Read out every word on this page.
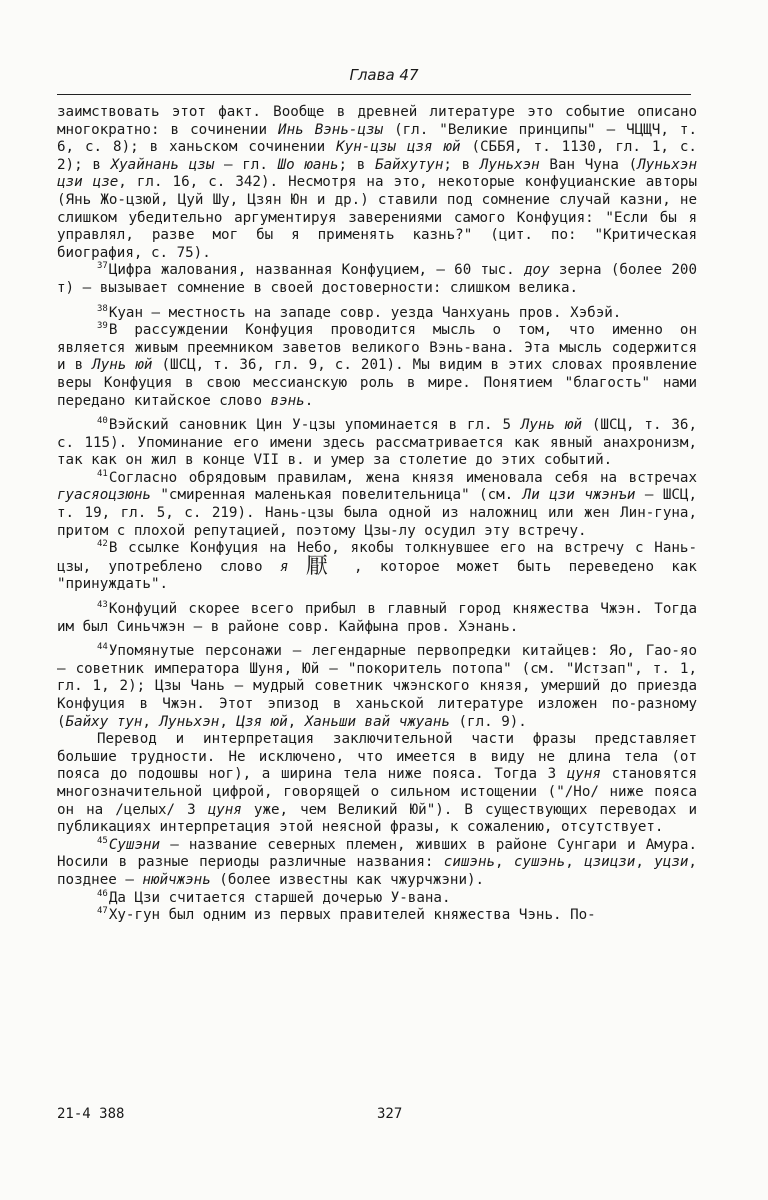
Глава 47

заимствовать этот факт. Вообще в древней литературе это событие описано многократно: в сочинении Инь Вэнь-цзы (гл. "Великие принципы" — ЧЦЩЧ, т. 6, с. 8); в ханьском сочинении Кун-цзы цзя юй (СББЯ, т. 1130, гл. 1, с. 2); в Хуайнань цзы — гл. Шо юань; в Байхутун; в Луньхэн Ван Чуна (Луньхэн цзи цзе, гл. 16, с. 342). Несмотря на это, некоторые конфуцианские авторы (Янь Жо-цзюй, Цуй Шу, Цзян Юн и др.) ставили под сомнение случай казни, не слишком убедительно аргументируя заверениями самого Конфуция: "Если бы я управлял, разве мог бы я применять казнь?" (цит. по: "Критическая биография, с. 75).

$^{37}$Цифра жалования, названная Конфуцием, — 60 тыс. доу зерна (более 200 т) — вызывает сомнение в своей достоверности: слишком велика.

$^{38}$Куан — местность на западе совр. уезда Чанхуань пров. Хэбэй.

$^{39}$В рассуждении Конфуция проводится мысль о том, что именно он является живым преемником заветов великого Вэнь-вана. Эта мысль содержится и в Лунь юй (ШСЦ, т. 36, гл. 9, с. 201). Мы видим в этих словах проявление веры Конфуция в свою мессианскую роль в мире. Понятием "благость" нами передано китайское слово вэнь.

$^{40}$Вэйский сановник Цин У-цзы упоминается в гл. 5 Лунь юй (ШСЦ, т. 36, с. 115). Упоминание его имени здесь рассматривается как явный анахронизм, так как он жил в конце VII в. и умер за столетие до этих событий.

$^{41}$Согласно обрядовым правилам, жена князя именовала себя на встречах гуасяоцзюнь "смиренная маленькая повелительница" (см. Ли цзи чжэнъи — ШСЦ, т. 19, гл. 5, с. 219). Нань-цзы была одной из наложниц или жен Лин-гуна, притом с плохой репутацией, поэтому Цзы-лу осудил эту встречу.

$^{42}$В ссылке Конфуция на Небо, якобы толкнувшее его на встречу с Нань-цзы, употреблено слово я 厭 , которое может быть переведено как "принуждать".

$^{43}$Конфуций скорее всего прибыл в главный город княжества Чжэн. Тогда им был Синьчжэн — в районе совр. Кайфына пров. Хэнань.

$^{44}$Упомянутые персонажи — легендарные первопредки китайцев: Яо, Гао-яо — советник императора Шуня, Юй — "покоритель потопа" (см. "Истзап", т. 1, гл. 1, 2); Цзы Чань — мудрый советник чжэнского князя, умерший до приезда Конфуция в Чжэн. Этот эпизод в ханьской литературе изложен по-разному (Байху тун, Луньхэн, Цзя юй, Ханьши вай чжуань (гл. 9).

Перевод и интерпретация заключительной части фразы представляет большие трудности. Не исключено, что имеется в виду не длина тела (от пояса до подошвы ног), а ширина тела ниже пояса. Тогда 3 цуня становятся многозначительной цифрой, говорящей о сильном истощении ("/Но/ ниже пояса он на /целых/ 3 цуня уже, чем Великий Юй"). В существующих переводах и публикациях интерпретация этой неясной фразы, к сожалению, отсутствует.

$^{45}$Сушэни — название северных племен, живших в районе Сунгари и Амура. Носили в разные периоды различные названия: сишэнь, сушэнь, цзицзи, уцзи, позднее — нюйчжэнь (более известны как чжурчжэни).

$^{46}$Да Цзи считается старшей дочерью У-вана.

$^{47}$Ху-гун был одним из первых правителей княжества Чэнь. По-

21-4 388	327
